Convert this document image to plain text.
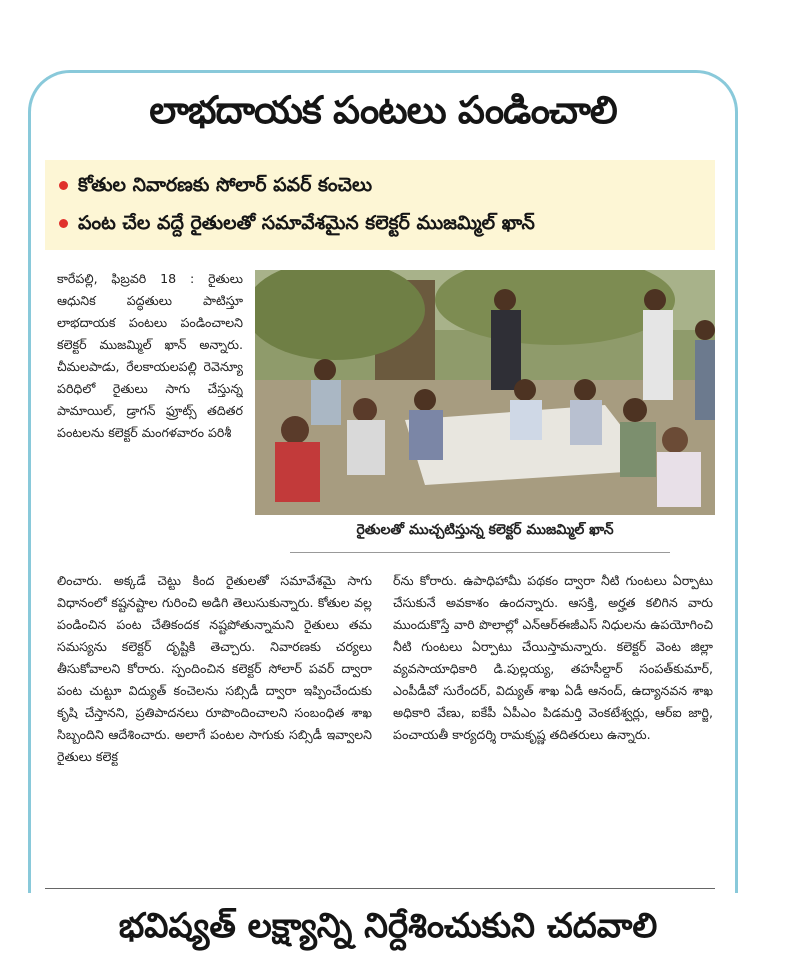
లాభదాయక పంటలు పండించాలి
కోతుల నివారణకు సోలార్ పవర్ కంచెలు
పంట చేల వద్దే రైతులతో సమావేశమైన కలెక్టర్ ముజమ్మిల్ ఖాన్
కారేపల్లి, ఫిబ్రవరి 18 : రైతులు ఆధునిక పద్ధతులు పాటిస్తూ లాభదాయక పంటలు పండించాలని కలెక్టర్ ముజమ్మిల్ ఖాన్ అన్నారు. చీమలపాడు, రేలకాయలపల్లి రెవెన్యూ పరిధిలో రైతులు సాగు చేస్తున్న పామాయిల్, డ్రాగన్ ఫ్రూట్స్ తదితర పంటలను కలెక్టర్ మంగళవారం పరిశీ
రైతులతో ముచ్చటిస్తున్న కలెక్టర్ ముజమ్మిల్ ఖాన్
లించారు. అక్కడే చెట్టు కింద రైతులతో సమావేశమై సాగు విధానంలో కష్టనష్టాల గురించి అడిగి తెలుసుకున్నారు. కోతుల వల్ల పండించిన పంట చేతికందక నష్టపోతున్నామని రైతులు తమ సమస్యను కలెక్టర్ దృష్టికి తెచ్చారు. నివారణకు చర్యలు తీసుకోవాలని కోరారు. స్పందించిన కలెక్టర్ సోలార్ పవర్ ద్వారా పంట చుట్టూ విద్యుత్ కంచెలను సబ్సిడీ ద్వారా ఇప్పించేందుకు కృషి చేస్తానని, ప్రతిపాదనలు రూపొందించాలని సంబంధిత శాఖ సిబ్బందిని ఆదేశించారు. అలాగే పంటల సాగుకు సబ్సిడీ ఇవ్వాలని రైతులు కలెక్ట
ర్‌ను కోరారు. ఉపాధిహామీ పథకం ద్వారా నీటి గుంటలు ఏర్పాటు చేసుకునే అవకాశం ఉందన్నారు. ఆసక్తి, అర్హత కలిగిన వారు ముందుకొస్తే వారి పొలాల్లో ఎన్‌ఆర్‌ఈజీఎస్ నిధులను ఉపయోగించి నీటి గుంటలు ఏర్పాటు చేయిస్తామన్నారు. కలెక్టర్ వెంట జిల్లా వ్యవసాయాధికారి డి.పుల్లయ్య, తహసీల్దార్ సంపత్‌కుమార్, ఎంపీడీవో సురేందర్, విద్యుత్ శాఖ ఏడీ ఆనంద్, ఉద్యానవన శాఖ అధికారి వేణు, ఐకేపీ ఏపీఎం పిడమర్తి వెంకటేశ్వర్లు, ఆర్ఐ జార్జి, పంచాయతీ కార్యదర్శి రామకృష్ణ తదితరులు ఉన్నారు.
భవిష్యత్ లక్ష్యాన్ని నిర్దేశించుకుని చదవాలి
